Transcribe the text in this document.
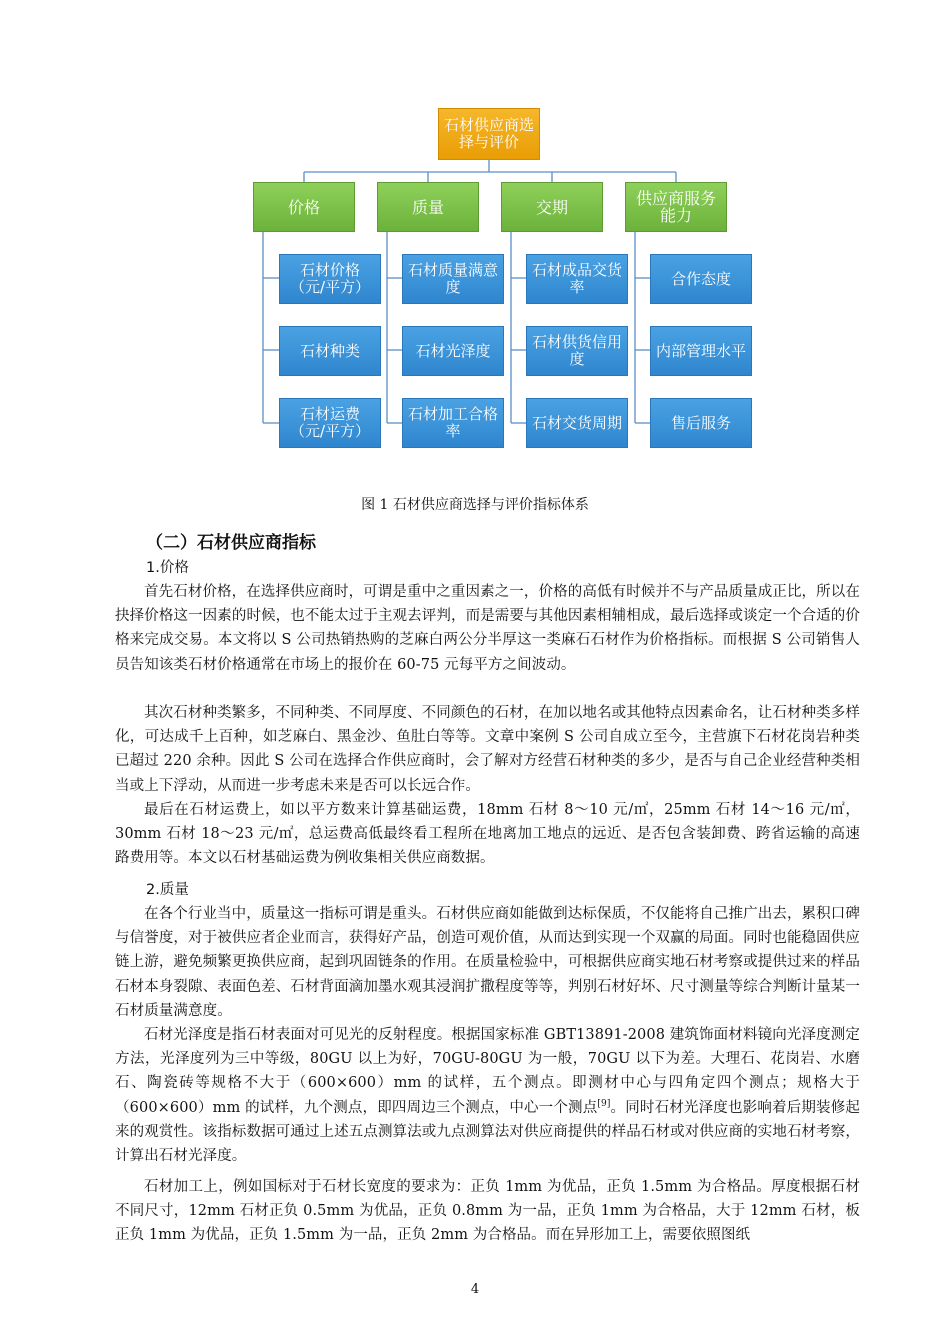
石材供应商选择与评价
价格	质量	交期	供应商服务能力
石材价格（元/平方）
石材种类
石材运费（元/平方）
石材质量满意度
石材光泽度
石材加工合格率
石材成品交货率
石材供货信用度
石材交货周期
合作态度
内部管理水平
售后服务
图 1 石材供应商选择与评价指标体系
（二）石材供应商指标
1.价格

首先石材价格，在选择供应商时，可谓是重中之重因素之一，价格的高低有时候并不与产品质量成正比，所以在抉择价格这一因素的时候，也不能太过于主观去评判，而是需要与其他因素相辅相成，最后选择或谈定一个合适的价格来完成交易。本文将以 S 公司热销热购的芝麻白两公分半厚这一类麻石石材作为价格指标。而根据 S 公司销售人员告知该类石材价格通常在市场上的报价在 60-75 元每平方之间波动。

其次石材种类繁多，不同种类、不同厚度、不同颜色的石材，在加以地名或其他特点因素命名，让石材种类多样化，可达成千上百种，如芝麻白、黑金沙、鱼肚白等等。文章中案例 S 公司自成立至今，主营旗下石材花岗岩种类已超过 220 余种。因此 S 公司在选择合作供应商时，会了解对方经营石材种类的多少，是否与自己企业经营种类相当或上下浮动，从而进一步考虑未来是否可以长远合作。

最后在石材运费上，如以平方数来计算基础运费，18mm 石材 8～10 元/㎡，25mm 石材 14～16 元/㎡，30mm 石材 18～23 元/㎡，总运费高低最终看工程所在地离加工地点的远近、是否包含装卸费、跨省运输的高速路费用等。本文以石材基础运费为例收集相关供应商数据。

2.质量

在各个行业当中，质量这一指标可谓是重头。石材供应商如能做到达标保质，不仅能将自己推广出去，累积口碑与信誉度，对于被供应者企业而言，获得好产品，创造可观价值，从而达到实现一个双赢的局面。同时也能稳固供应链上游，避免频繁更换供应商，起到巩固链条的作用。在质量检验中，可根据供应商实地石材考察或提供过来的样品石材本身裂隙、表面色差、石材背面滴加墨水观其浸润扩撒程度等等，判别石材好坏、尺寸测量等综合判断计量某一石材质量满意度。

石材光泽度是指石材表面对可见光的反射程度。根据国家标准 GBT13891-2008 建筑饰面材料镜向光泽度测定方法，光泽度列为三中等级，80GU 以上为好，70GU-80GU 为一般，70GU 以下为差。大理石、花岗岩、水磨石、陶瓷砖等规格不大于（600×600）mm 的试样，五个测点。即测材中心与四角定四个测点；规格大于（600×600）mm 的试样，九个测点，即四周边三个测点，中心一个测点[9]。同时石材光泽度也影响着后期装修起来的观赏性。该指标数据可通过上述五点测算法或九点测算法对供应商提供的样品石材或对供应商的实地石材考察，计算出石材光泽度。

石材加工上，例如国标对于石材长宽度的要求为：正负 1mm 为优品，正负 1.5mm 为合格品。厚度根据石材不同尺寸，12mm 石材正负 0.5mm 为优品，正负 0.8mm 为一品，正负 1mm 为合格品，大于 12mm 石材，板正负 1mm 为优品，正负 1.5mm 为一品，正负 2mm 为合格品。而在异形加工上，需要依照图纸

4
